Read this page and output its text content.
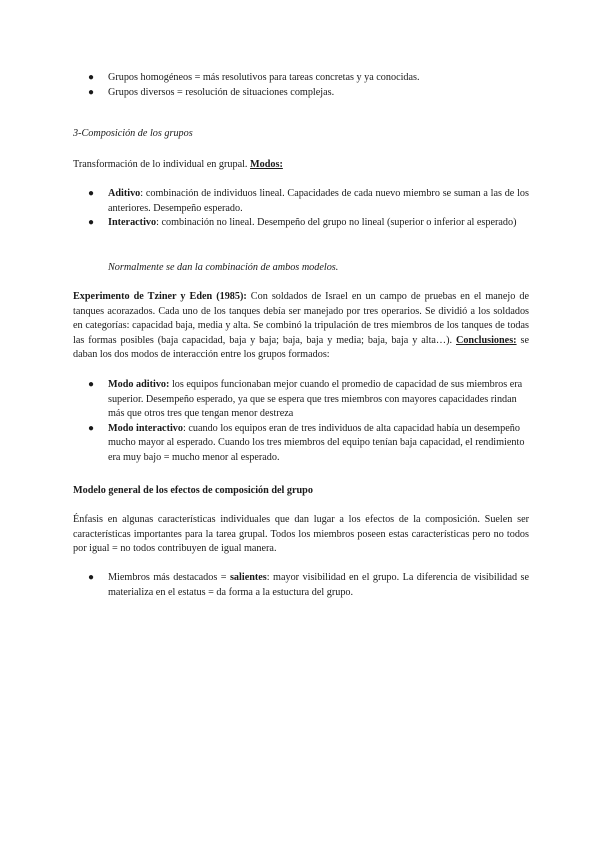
● Grupos homogéneos = más resolutivos para tareas concretas y ya conocidas.
● Grupos diversos = resolución de situaciones complejas.

3-Composición de los grupos

Transformación de lo individual en grupal. Modos:

● Aditivo: combinación de individuos lineal. Capacidades de cada nuevo miembro se suman a las de los anteriores. Desempeño esperado.
● Interactivo: combinación no lineal. Desempeño del grupo no lineal (superior o inferior al esperado)

Normalmente se dan la combinación de ambos modelos.

Experimento de Tziner y Eden (1985): Con soldados de Israel en un campo de pruebas en el manejo de tanques acorazados. Cada uno de los tanques debía ser manejado por tres operarios. Se dividió a los soldados en categorías: capacidad baja, media y alta. Se combinó la tripulación de tres miembros de los tanques de todas las formas posibles (baja capacidad, baja y baja; baja, baja y media; baja, baja y alta…). Conclusiones: se daban los dos modos de interacción entre los grupos formados:

● Modo aditivo: los equipos funcionaban mejor cuando el promedio de capacidad de sus miembros era superior. Desempeño esperado, ya que se espera que tres miembros con mayores capacidades rindan más que otros tres que tengan menor destreza
● Modo interactivo: cuando los equipos eran de tres individuos de alta capacidad había un desempeño mucho mayor al esperado. Cuando los tres miembros del equipo tenían baja capacidad, el rendimiento era muy bajo = mucho menor al esperado.

Modelo general de los efectos de composición del grupo

Énfasis en algunas características individuales que dan lugar a los efectos de la composición. Suelen ser características importantes para la tarea grupal. Todos los miembros poseen estas características pero no todos por igual = no todos contribuyen de igual manera.

● Miembros más destacados = salientes: mayor visibilidad en el grupo. La diferencia de visibilidad se materializa en el estatus = da forma a la estuctura del grupo.
